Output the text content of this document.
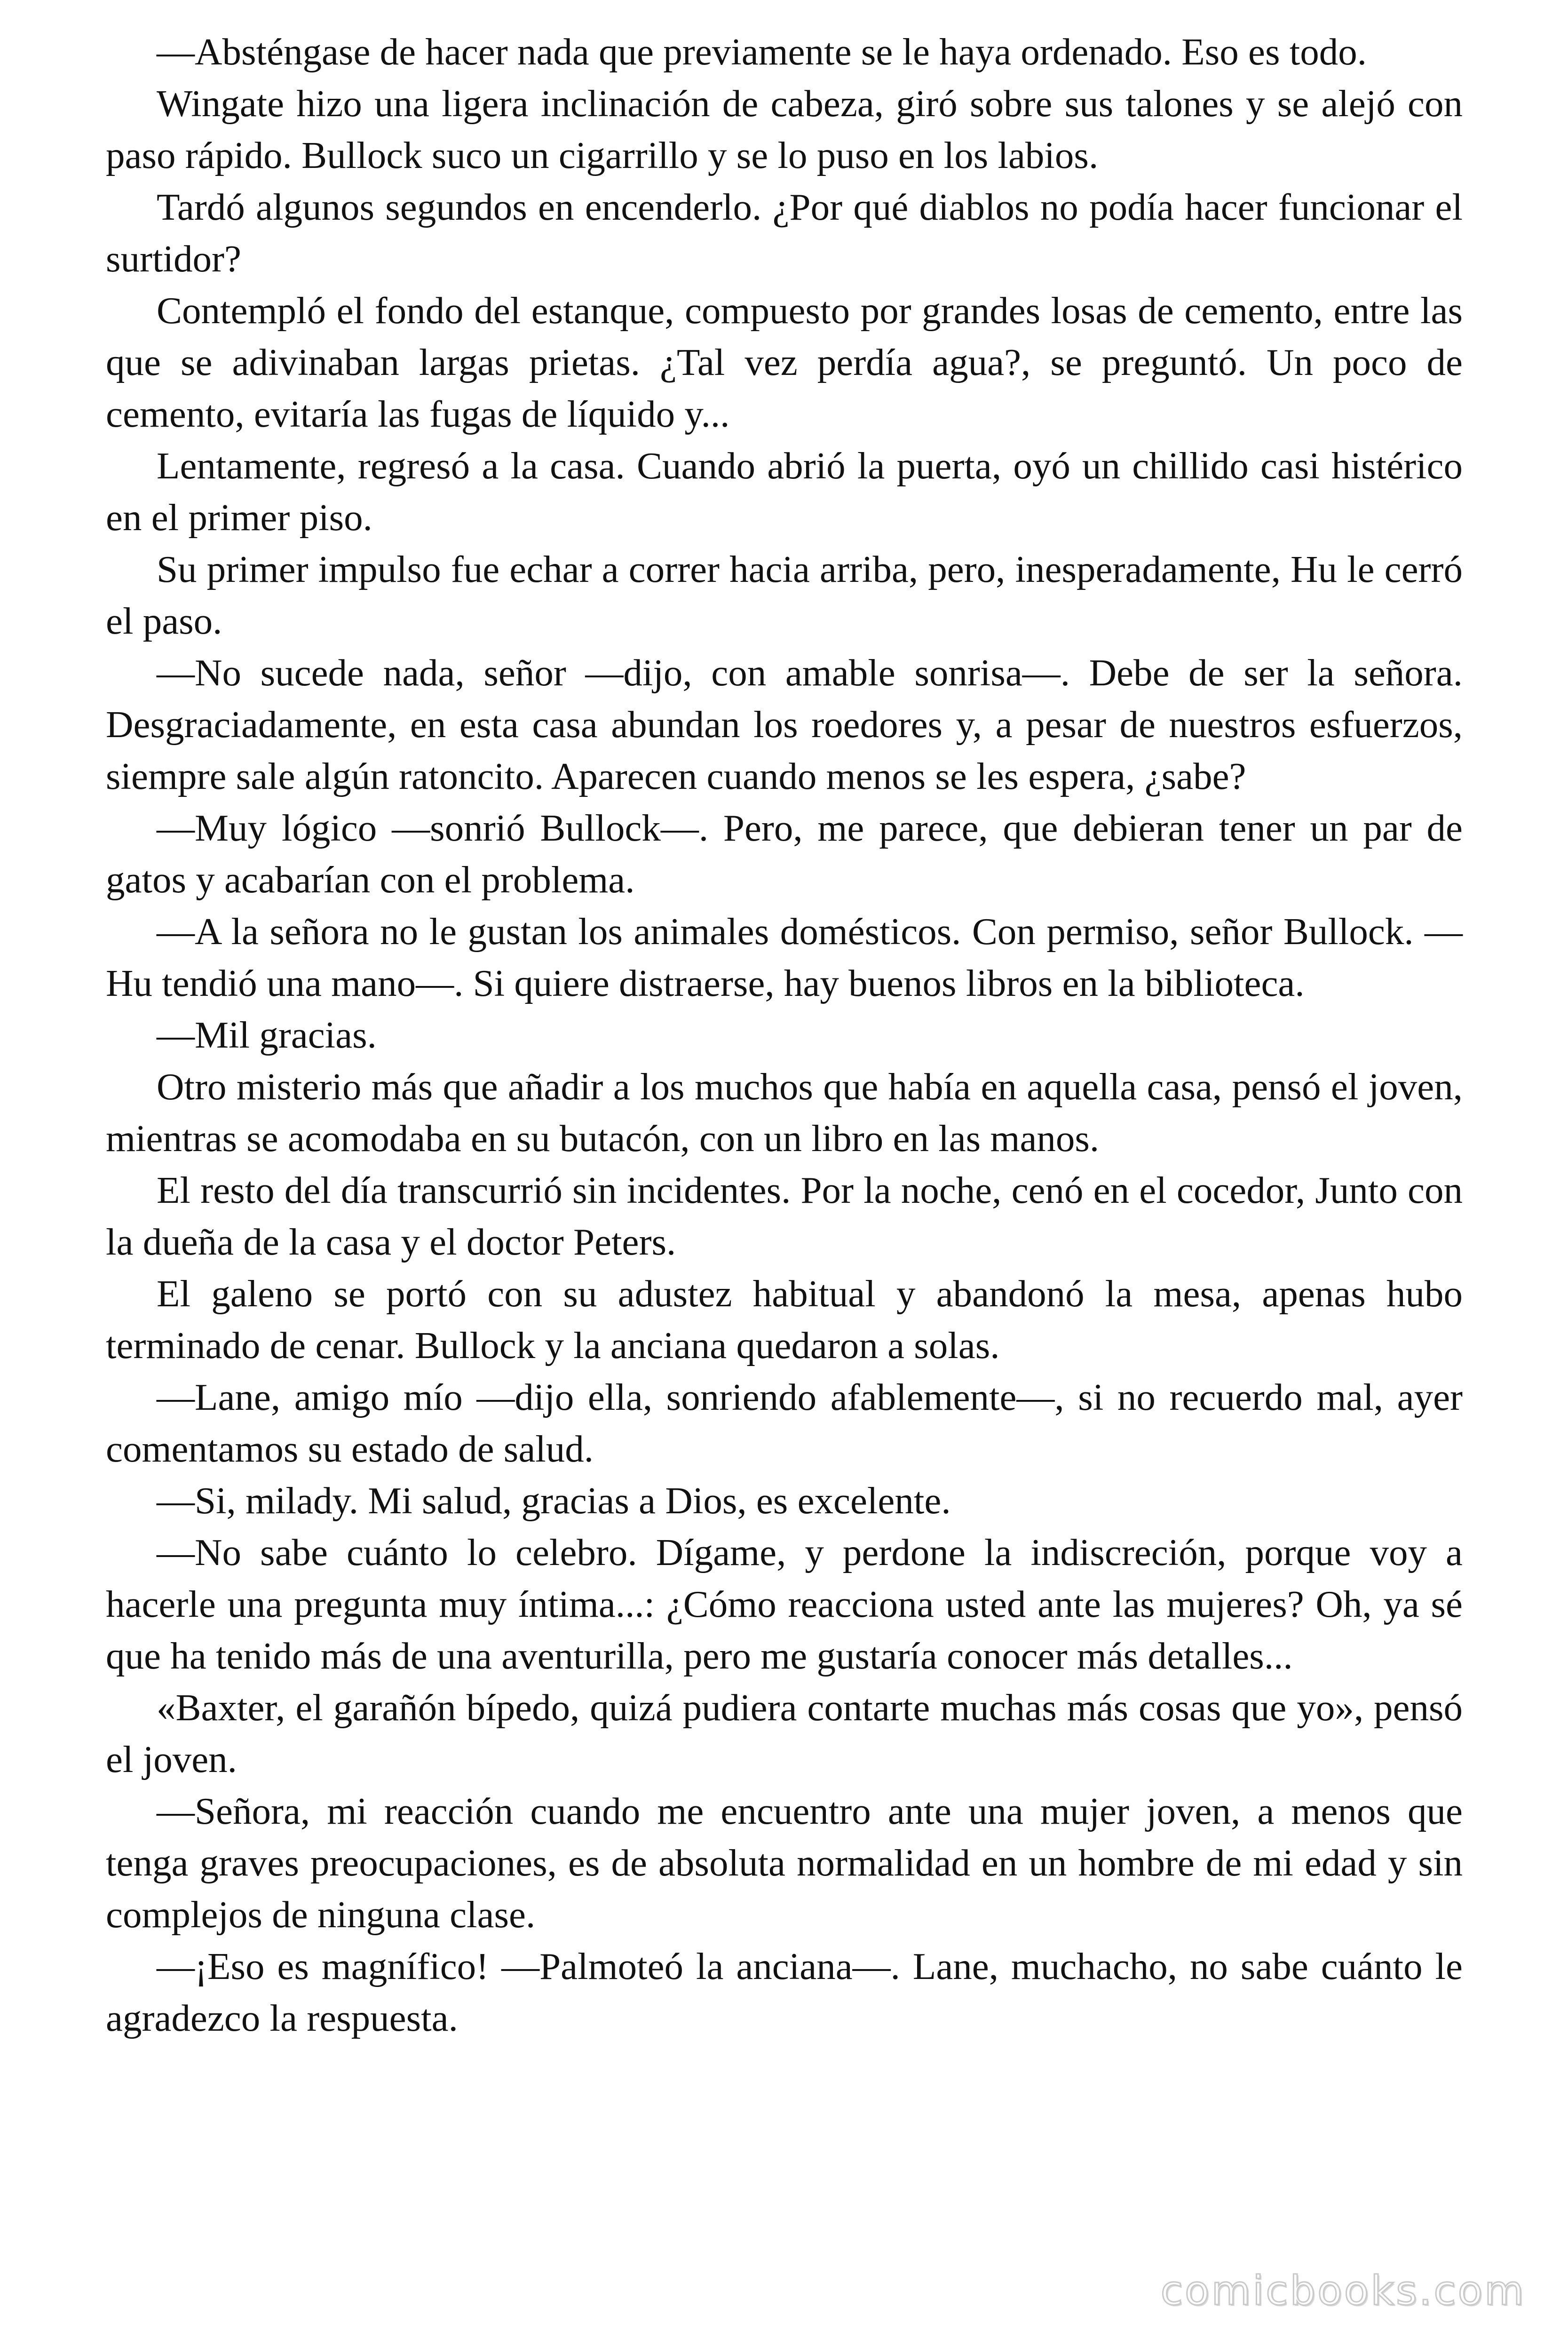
—Absténgase de hacer nada que previamente se le haya ordenado. Eso es todo.

Wingate hizo una ligera inclinación de cabeza, giró sobre sus talones y se alejó con paso rápido. Bullock suco un cigarrillo y se lo puso en los labios.

Tardó algunos segundos en encenderlo. ¿Por qué diablos no podía hacer funcionar el surtidor?

Contempló el fondo del estanque, compuesto por grandes losas de cemento, entre las que se adivinaban largas prietas. ¿Tal vez perdía agua?, se preguntó. Un poco de cemento, evitaría las fugas de líquido y...

Lentamente, regresó a la casa. Cuando abrió la puerta, oyó un chillido casi histérico en el primer piso.

Su primer impulso fue echar a correr hacia arriba, pero, inesperadamente, Hu le cerró el paso.

—No sucede nada, señor —dijo, con amable sonrisa—. Debe de ser la señora. Desgraciadamente, en esta casa abundan los roedores y, a pesar de nuestros esfuerzos, siempre sale algún ratoncito. Aparecen cuando menos se les espera, ¿sabe?

—Muy lógico —sonrió Bullock—. Pero, me parece, que debieran tener un par de gatos y acabarían con el problema.

—A la señora no le gustan los animales domésticos. Con permiso, señor Bullock. —Hu tendió una mano—. Si quiere distraerse, hay buenos libros en la biblioteca.

—Mil gracias.

Otro misterio más que añadir a los muchos que había en aquella casa, pensó el joven, mientras se acomodaba en su butacón, con un libro en las manos.

El resto del día transcurrió sin incidentes. Por la noche, cenó en el cocedor, Junto con la dueña de la casa y el doctor Peters.

El galeno se portó con su adustez habitual y abandonó la mesa, apenas hubo terminado de cenar. Bullock y la anciana quedaron a solas.

—Lane, amigo mío —dijo ella, sonriendo afablemente—, si no recuerdo mal, ayer comentamos su estado de salud.

—Si, milady. Mi salud, gracias a Dios, es excelente.

—No sabe cuánto lo celebro. Dígame, y perdone la indiscreción, porque voy a hacerle una pregunta muy íntima...: ¿Cómo reacciona usted ante las mujeres? Oh, ya sé que ha tenido más de una aventurilla, pero me gustaría conocer más detalles...

«Baxter, el garañón bípedo, quizá pudiera contarte muchas más cosas que yo», pensó el joven.

—Señora, mi reacción cuando me encuentro ante una mujer joven, a menos que tenga graves preocupaciones, es de absoluta normalidad en un hombre de mi edad y sin complejos de ninguna clase.

—¡Eso es magnífico! —Palmoteó la anciana—. Lane, muchacho, no sabe cuánto le agradezco la respuesta.

comicbooks.com
